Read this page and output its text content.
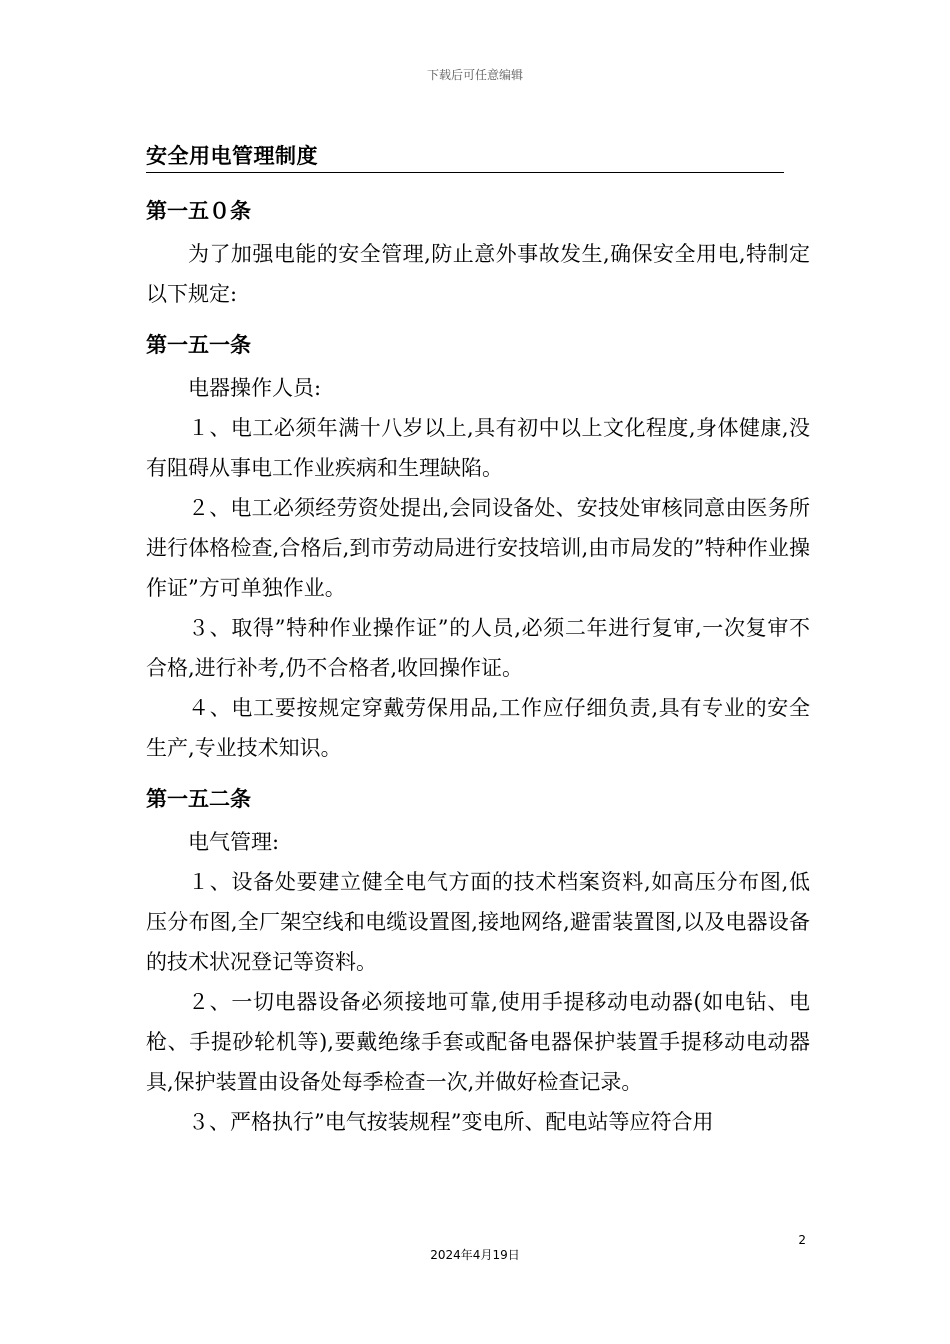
下载后可任意编辑
安全用电管理制度
第一五０条

为了加强电能的安全管理,防止意外事故发生,确保安全用电,特制定以下规定:

第一五一条

电器操作人员:

１、电工必须年满十八岁以上,具有初中以上文化程度,身体健康,没有阻碍从事电工作业疾病和生理缺陷。

２、电工必须经劳资处提出,会同设备处、安技处审核同意由医务所进行体格检查,合格后,到市劳动局进行安技培训,由市局发的”特种作业操作证”方可单独作业。

３、取得”特种作业操作证”的人员,必须二年进行复审,一次复审不合格,进行补考,仍不合格者,收回操作证。

４、电工要按规定穿戴劳保用品,工作应仔细负责,具有专业的安全生产,专业技术知识。

第一五二条

电气管理:

１、设备处要建立健全电气方面的技术档案资料,如高压分布图,低压分布图,全厂架空线和电缆设置图,接地网络,避雷装置图,以及电器设备的技术状况登记等资料。

２、一切电器设备必须接地可靠,使用手提移动电动器(如电钻、电枪、手提砂轮机等),要戴绝缘手套或配备电器保护装置手提移动电动器具,保护装置由设备处每季检查一次,并做好检查记录。

３、严格执行”电气按装规程”变电所、配电站等应符合用

2
2024年4月19日
